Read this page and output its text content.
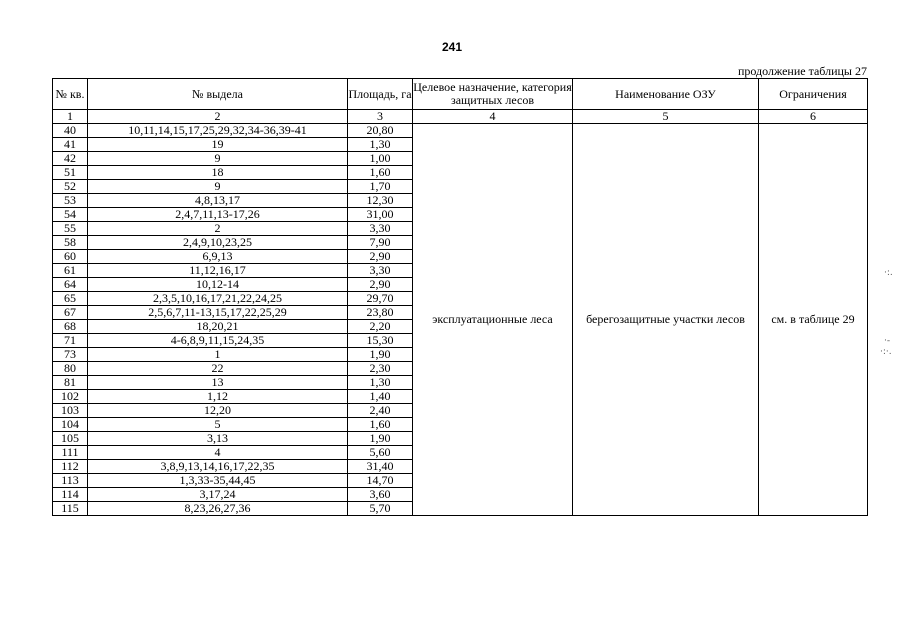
241
продолжение таблицы 27
№ кв.	№ выдела	Площадь, га	Целевое назначение, категория защитных лесов	Наименование ОЗУ	Ограничения
1	2	3	4	5	6
40	10,11,14,15,17,25,29,32,34-36,39-41	20,80	эксплуатационные леса	берегозащитные участки лесов	см. в таблице 29
41	19	1,30			
42	9	1,00			
51	18	1,60			
52	9	1,70			
53	4,8,13,17	12,30			
54	2,4,7,11,13-17,26	31,00			
55	2	3,30			
58	2,4,9,10,23,25	7,90			
60	6,9,13	2,90			
61	11,12,16,17	3,30			
64	10,12-14	2,90			
65	2,3,5,10,16,17,21,22,24,25	29,70			
67	2,5,6,7,11-13,15,17,22,25,29	23,80			
68	18,20,21	2,20			
71	4-6,8,9,11,15,24,35	15,30			
73	1	1,90			
80	22	2,30			
81	13	1,30			
102	1,12	1,40			
103	12,20	2,40			
104	5	1,60			
105	3,13	1,90			
111	4	5,60			
112	3,8,9,13,14,16,17,22,35	31,40			
113	1,3,33-35,44,45	14,70			
114	3,17,24	3,60			
115	8,23,26,27,36	5,70			
·:.
·-
·:·.
